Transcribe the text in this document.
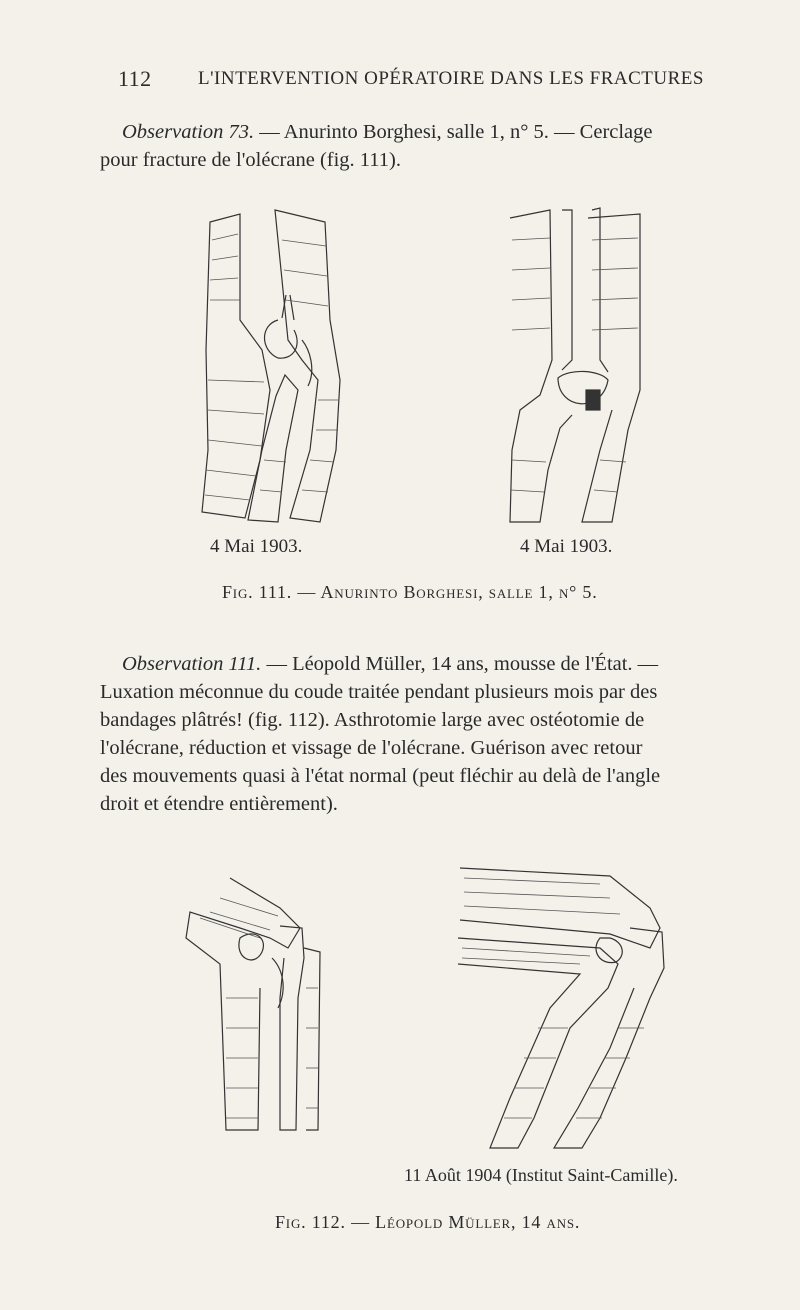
112 L'INTERVENTION OPÉRATOIRE DANS LES FRACTURES
Observation 73. — Anurinto Borghesi, salle 1, n° 5. — Cerclage
pour fracture de l'olécrane (fig. 111).
4 Mai 1903.	4 Mai 1903.
Fig. 111. — Anurinto Borghesi, salle 1, n° 5.
Observation 111. — Léopold Müller, 14 ans, mousse de l'État. —
Luxation méconnue du coude traitée pendant plusieurs mois par des
bandages plâtrés! (fig. 112). Asthrotomie large avec ostéotomie de
l'olécrane, réduction et vissage de l'olécrane. Guérison avec retour
des mouvements quasi à l'état normal (peut fléchir au delà de l'angle
droit et étendre entièrement).
11 Août 1904 (Institut Saint-Camille).
Fig. 112. — Léopold Müller, 14 ans.
